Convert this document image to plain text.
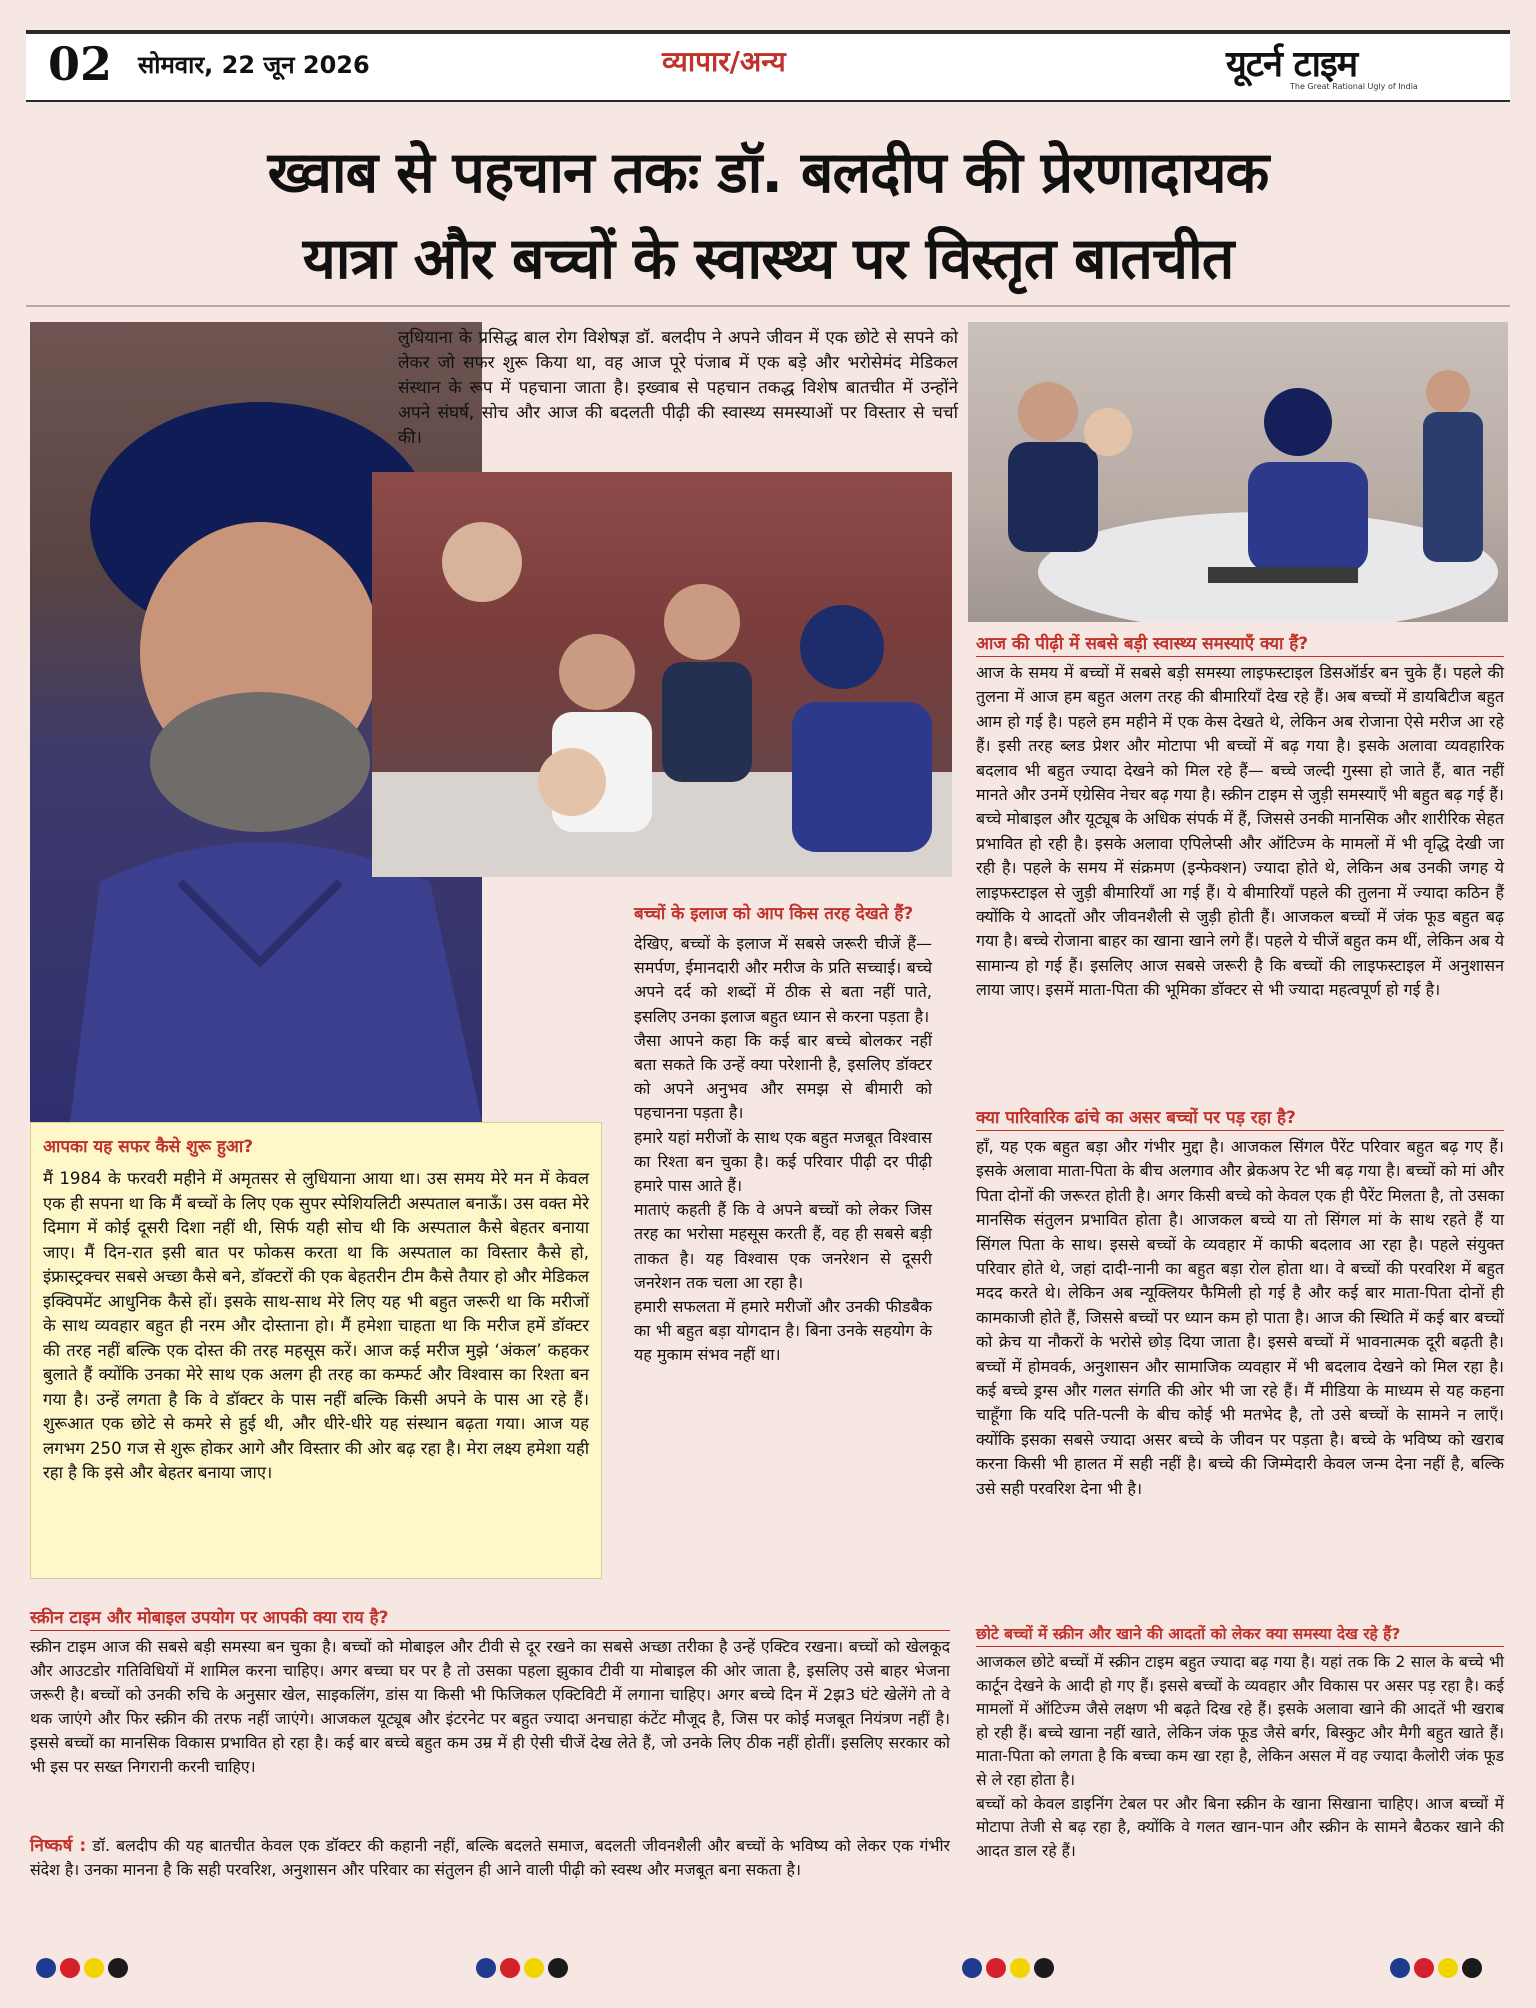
02 सोमवार, 22 जून 2026	व्यापार/अन्य	यूटर्न टाइम
The Great Rational Ugly of India
ख्वाब से पहचान तकः डॉ. बलदीप की प्रेरणादायक
यात्रा और बच्चों के स्वास्थ्य पर विस्तृत बातचीत
लुधियाना के प्रसिद्ध बाल रोग विशेषज्ञ डॉ. बलदीप ने अपने जीवन में एक छोटे से सपने को लेकर जो सफर शुरू किया था, वह आज पूरे पंजाब में एक बड़े और भरोसेमंद मेडिकल संस्थान के रूप में पहचाना जाता है। इख्वाब से पहचान तकद्ध विशेष बातचीत में उन्होंने अपने संघर्ष, सोच और आज की बदलती पीढ़ी की स्वास्थ्य समस्याओं पर विस्तार से चर्चा की।
आपका यह सफर कैसे शुरू हुआ?
मैं 1984 के फरवरी महीने में अमृतसर से लुधियाना आया था। उस समय मेरे मन में केवल एक ही सपना था कि मैं बच्चों के लिए एक सुपर स्पेशियलिटी अस्पताल बनाऊँ। उस वक्त मेरे दिमाग में कोई दूसरी दिशा नहीं थी, सिर्फ यही सोच थी कि अस्पताल कैसे बेहतर बनाया जाए। मैं दिन-रात इसी बात पर फोकस करता था कि अस्पताल का विस्तार कैसे हो, इंफ्रास्ट्रक्चर सबसे अच्छा कैसे बने, डॉक्टरों की एक बेहतरीन टीम कैसे तैयार हो और मेडिकल इक्विपमेंट आधुनिक कैसे हों। इसके साथ-साथ मेरे लिए यह भी बहुत जरूरी था कि मरीजों के साथ व्यवहार बहुत ही नरम और दोस्ताना हो। मैं हमेशा चाहता था कि मरीज हमें डॉक्टर की तरह नहीं बल्कि एक दोस्त की तरह महसूस करें। आज कई मरीज मुझे ‘अंकल’ कहकर बुलाते हैं क्योंकि उनका मेरे साथ एक अलग ही तरह का कम्फर्ट और विश्वास का रिश्ता बन गया है। उन्हें लगता है कि वे डॉक्टर के पास नहीं बल्कि किसी अपने के पास आ रहे हैं। शुरूआत एक छोटे से कमरे से हुई थी, और धीरे-धीरे यह संस्थान बढ़ता गया। आज यह लगभग 250 गज से शुरू होकर आगे और विस्तार की ओर बढ़ रहा है। मेरा लक्ष्य हमेशा यही रहा है कि इसे और बेहतर बनाया जाए।
बच्चों के इलाज को आप किस तरह देखते हैं?
देखिए, बच्चों के इलाज में सबसे जरूरी चीजें हैं— समर्पण, ईमानदारी और मरीज के प्रति सच्चाई। बच्चे अपने दर्द को शब्दों में ठीक से बता नहीं पाते, इसलिए उनका इलाज बहुत ध्यान से करना पड़ता है।
जैसा आपने कहा कि कई बार बच्चे बोलकर नहीं बता सकते कि उन्हें क्या परेशानी है, इसलिए डॉक्टर को अपने अनुभव और समझ से बीमारी को पहचानना पड़ता है।
हमारे यहां मरीजों के साथ एक बहुत मजबूत विश्वास का रिश्ता बन चुका है। कई परिवार पीढ़ी दर पीढ़ी हमारे पास आते हैं।
माताएं कहती हैं कि वे अपने बच्चों को लेकर जिस तरह का भरोसा महसूस करती हैं, वह ही सबसे बड़ी ताकत है। यह विश्वास एक जनरेशन से दूसरी जनरेशन तक चला आ रहा है।
हमारी सफलता में हमारे मरीजों और उनकी फीडबैक का भी बहुत बड़ा योगदान है। बिना उनके सहयोग के यह मुकाम संभव नहीं था।
आज की पीढ़ी में सबसे बड़ी स्वास्थ्य समस्याएँ क्या हैं?
आज के समय में बच्चों में सबसे बड़ी समस्या लाइफस्टाइल डिसऑर्डर बन चुके हैं। पहले की तुलना में आज हम बहुत अलग तरह की बीमारियाँ देख रहे हैं। अब बच्चों में डायबिटीज बहुत आम हो गई है। पहले हम महीने में एक केस देखते थे, लेकिन अब रोजाना ऐसे मरीज आ रहे हैं। इसी तरह ब्लड प्रेशर और मोटापा भी बच्चों में बढ़ गया है। इसके अलावा व्यवहारिक बदलाव भी बहुत ज्यादा देखने को मिल रहे हैं— बच्चे जल्दी गुस्सा हो जाते हैं, बात नहीं मानते और उनमें एग्रेसिव नेचर बढ़ गया है। स्क्रीन टाइम से जुड़ी समस्याएँ भी बहुत बढ़ गई हैं। बच्चे मोबाइल और यूट्यूब के अधिक संपर्क में हैं, जिससे उनकी मानसिक और शारीरिक सेहत प्रभावित हो रही है। इसके अलावा एपिलेप्सी और ऑटिज्म के मामलों में भी वृद्धि देखी जा रही है। पहले के समय में संक्रमण (इन्फेक्शन) ज्यादा होते थे, लेकिन अब उनकी जगह ये लाइफस्टाइल से जुड़ी बीमारियाँ आ गई हैं। ये बीमारियाँ पहले की तुलना में ज्यादा कठिन हैं क्योंकि ये आदतों और जीवनशैली से जुड़ी होती हैं। आजकल बच्चों में जंक फूड बहुत बढ़ गया है। बच्चे रोजाना बाहर का खाना खाने लगे हैं। पहले ये चीजें बहुत कम थीं, लेकिन अब ये सामान्य हो गई हैं। इसलिए आज सबसे जरूरी है कि बच्चों की लाइफस्टाइल में अनुशासन लाया जाए। इसमें माता-पिता की भूमिका डॉक्टर से भी ज्यादा महत्वपूर्ण हो गई है।
क्या पारिवारिक ढांचे का असर बच्चों पर पड़ रहा है?
हाँ, यह एक बहुत बड़ा और गंभीर मुद्दा है। आजकल सिंगल पैरेंट परिवार बहुत बढ़ गए हैं। इसके अलावा माता-पिता के बीच अलगाव और ब्रेकअप रेट भी बढ़ गया है। बच्चों को मां और पिता दोनों की जरूरत होती है। अगर किसी बच्चे को केवल एक ही पैरेंट मिलता है, तो उसका मानसिक संतुलन प्रभावित होता है। आजकल बच्चे या तो सिंगल मां के साथ रहते हैं या सिंगल पिता के साथ। इससे बच्चों के व्यवहार में काफी बदलाव आ रहा है। पहले संयुक्त परिवार होते थे, जहां दादी-नानी का बहुत बड़ा रोल होता था। वे बच्चों की परवरिश में बहुत मदद करते थे। लेकिन अब न्यूक्लियर फैमिली हो गई है और कई बार माता-पिता दोनों ही कामकाजी होते हैं, जिससे बच्चों पर ध्यान कम हो पाता है। आज की स्थिति में कई बार बच्चों को क्रेच या नौकरों के भरोसे छोड़ दिया जाता है। इससे बच्चों में भावनात्मक दूरी बढ़ती है। बच्चों में होमवर्क, अनुशासन और सामाजिक व्यवहार में भी बदलाव देखने को मिल रहा है। कई बच्चे ड्रग्स और गलत संगति की ओर भी जा रहे हैं। मैं मीडिया के माध्यम से यह कहना चाहूँगा कि यदि पति-पत्नी के बीच कोई भी मतभेद है, तो उसे बच्चों के सामने न लाएँ। क्योंकि इसका सबसे ज्यादा असर बच्चे के जीवन पर पड़ता है। बच्चे के भविष्य को खराब करना किसी भी हालत में सही नहीं है। बच्चे की जिम्मेदारी केवल जन्म देना नहीं है, बल्कि उसे सही परवरिश देना भी है।
छोटे बच्चों में स्क्रीन और खाने की आदतों को लेकर क्या समस्या देख रहे हैं?
आजकल छोटे बच्चों में स्क्रीन टाइम बहुत ज्यादा बढ़ गया है। यहां तक कि 2 साल के बच्चे भी कार्टून देखने के आदी हो गए हैं। इससे बच्चों के व्यवहार और विकास पर असर पड़ रहा है। कई मामलों में ऑटिज्म जैसे लक्षण भी बढ़ते दिख रहे हैं। इसके अलावा खाने की आदतें भी खराब हो रही हैं। बच्चे खाना नहीं खाते, लेकिन जंक फूड जैसे बर्गर, बिस्कुट और मैगी बहुत खाते हैं। माता-पिता को लगता है कि बच्चा कम खा रहा है, लेकिन असल में वह ज्यादा कैलोरी जंक फूड से ले रहा होता है।
बच्चों को केवल डाइनिंग टेबल पर और बिना स्क्रीन के खाना सिखाना चाहिए। आज बच्चों में मोटापा तेजी से बढ़ रहा है, क्योंकि वे गलत खान-पान और स्क्रीन के सामने बैठकर खाने की आदत डाल रहे हैं।
स्क्रीन टाइम और मोबाइल उपयोग पर आपकी क्या राय है?
स्क्रीन टाइम आज की सबसे बड़ी समस्या बन चुका है। बच्चों को मोबाइल और टीवी से दूर रखने का सबसे अच्छा तरीका है उन्हें एक्टिव रखना। बच्चों को खेलकूद और आउटडोर गतिविधियों में शामिल करना चाहिए। अगर बच्चा घर पर है तो उसका पहला झुकाव टीवी या मोबाइल की ओर जाता है, इसलिए उसे बाहर भेजना जरूरी है। बच्चों को उनकी रुचि के अनुसार खेल, साइकलिंग, डांस या किसी भी फिजिकल एक्टिविटी में लगाना चाहिए। अगर बच्चे दिन में 2झ3 घंटे खेलेंगे तो वे थक जाएंगे और फिर स्क्रीन की तरफ नहीं जाएंगे। आजकल यूट्यूब और इंटरनेट पर बहुत ज्यादा अनचाहा कंटेंट मौजूद है, जिस पर कोई मजबूत नियंत्रण नहीं है। इससे बच्चों का मानसिक विकास प्रभावित हो रहा है। कई बार बच्चे बहुत कम उम्र में ही ऐसी चीजें देख लेते हैं, जो उनके लिए ठीक नहीं होतीं। इसलिए सरकार को भी इस पर सख्त निगरानी करनी चाहिए।
निष्कर्ष : डॉ. बलदीप की यह बातचीत केवल एक डॉक्टर की कहानी नहीं, बल्कि बदलते समाज, बदलती जीवनशैली और बच्चों के भविष्य को लेकर एक गंभीर संदेश है। उनका मानना है कि सही परवरिश, अनुशासन और परिवार का संतुलन ही आने वाली पीढ़ी को स्वस्थ और मजबूत बना सकता है।
